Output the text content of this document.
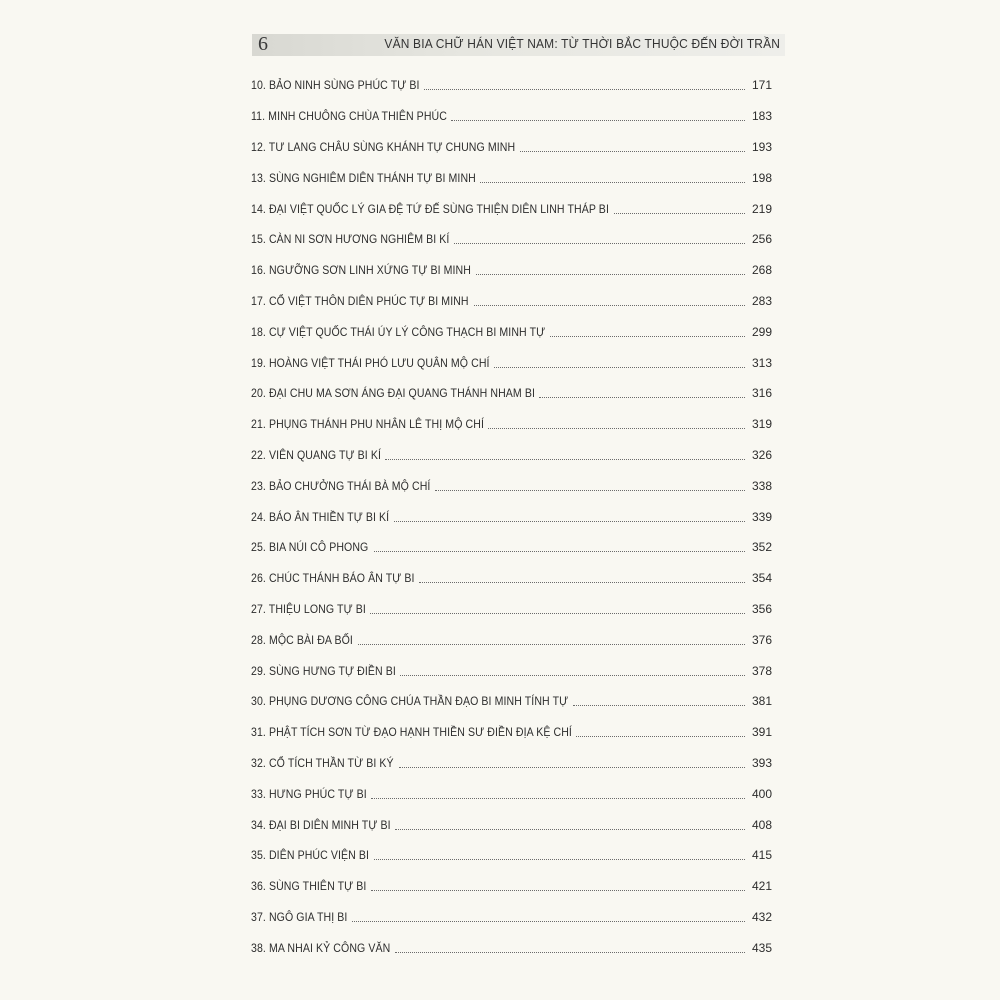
6	VĂN BIA CHỮ HÁN VIỆT NAM: TỪ THỜI BẮC THUỘC ĐẾN ĐỜI TRẦN
10. BẢO NINH SÙNG PHÚC TỰ BI	171
11. MINH CHUÔNG CHÙA THIÊN PHÚC	183
12. TƯ LANG CHÂU SÙNG KHÁNH TỰ CHUNG MINH	193
13. SÙNG NGHIÊM DIÊN THÁNH TỰ BI MINH	198
14. ĐẠI VIỆT QUỐC LÝ GIA ĐỆ TỨ ĐẾ SÙNG THIỆN DIÊN LINH THÁP BI	219
15. CÀN NI SƠN HƯƠNG NGHIÊM BI KÍ	256
16. NGƯỠNG SƠN LINH XỨNG TỰ BI MINH	268
17. CỔ VIỆT THÔN DIÊN PHÚC TỰ BI MINH	283
18. CỰ VIỆT QUỐC THÁI ÚY LÝ CÔNG THẠCH BI MINH TỰ	299
19. HOÀNG VIỆT THÁI PHÓ LƯU QUÂN MỘ CHÍ	313
20. ĐẠI CHU MA SƠN ÁNG ĐẠI QUANG THÁNH NHAM BI	316
21. PHỤNG THÁNH PHU NHÂN LÊ THỊ MỘ CHÍ	319
22. VIÊN QUANG TỰ BI KÍ	326
23. BẢO CHƯỞNG THÁI BÀ MỘ CHÍ	338
24. BÁO ÂN THIỀN TỰ BI KÍ	339
25. BIA NÚI CÔ PHONG	352
26. CHÚC THÁNH BÁO ÂN TỰ BI	354
27. THIỆU LONG TỰ BI	356
28. MỘC BÀI ĐA BỐI	376
29. SÙNG HƯNG TỰ ĐIỀN BI	378
30. PHỤNG DƯƠNG CÔNG CHÚA THẦN ĐẠO BI MINH TÍNH TỰ	381
31. PHẬT TÍCH SƠN TỪ ĐẠO HẠNH THIỀN SƯ ĐIỀN ĐỊA KỆ CHÍ	391
32. CỔ TÍCH THẦN TỪ BI KÝ	393
33. HƯNG PHÚC TỰ BI	400
34. ĐẠI BI DIÊN MINH TỰ BI	408
35. DIÊN PHÚC VIỆN BI	415
36. SÙNG THIÊN TỰ BI	421
37. NGÔ GIA THỊ BI	432
38. MA NHAI KỶ CÔNG VĂN	435
